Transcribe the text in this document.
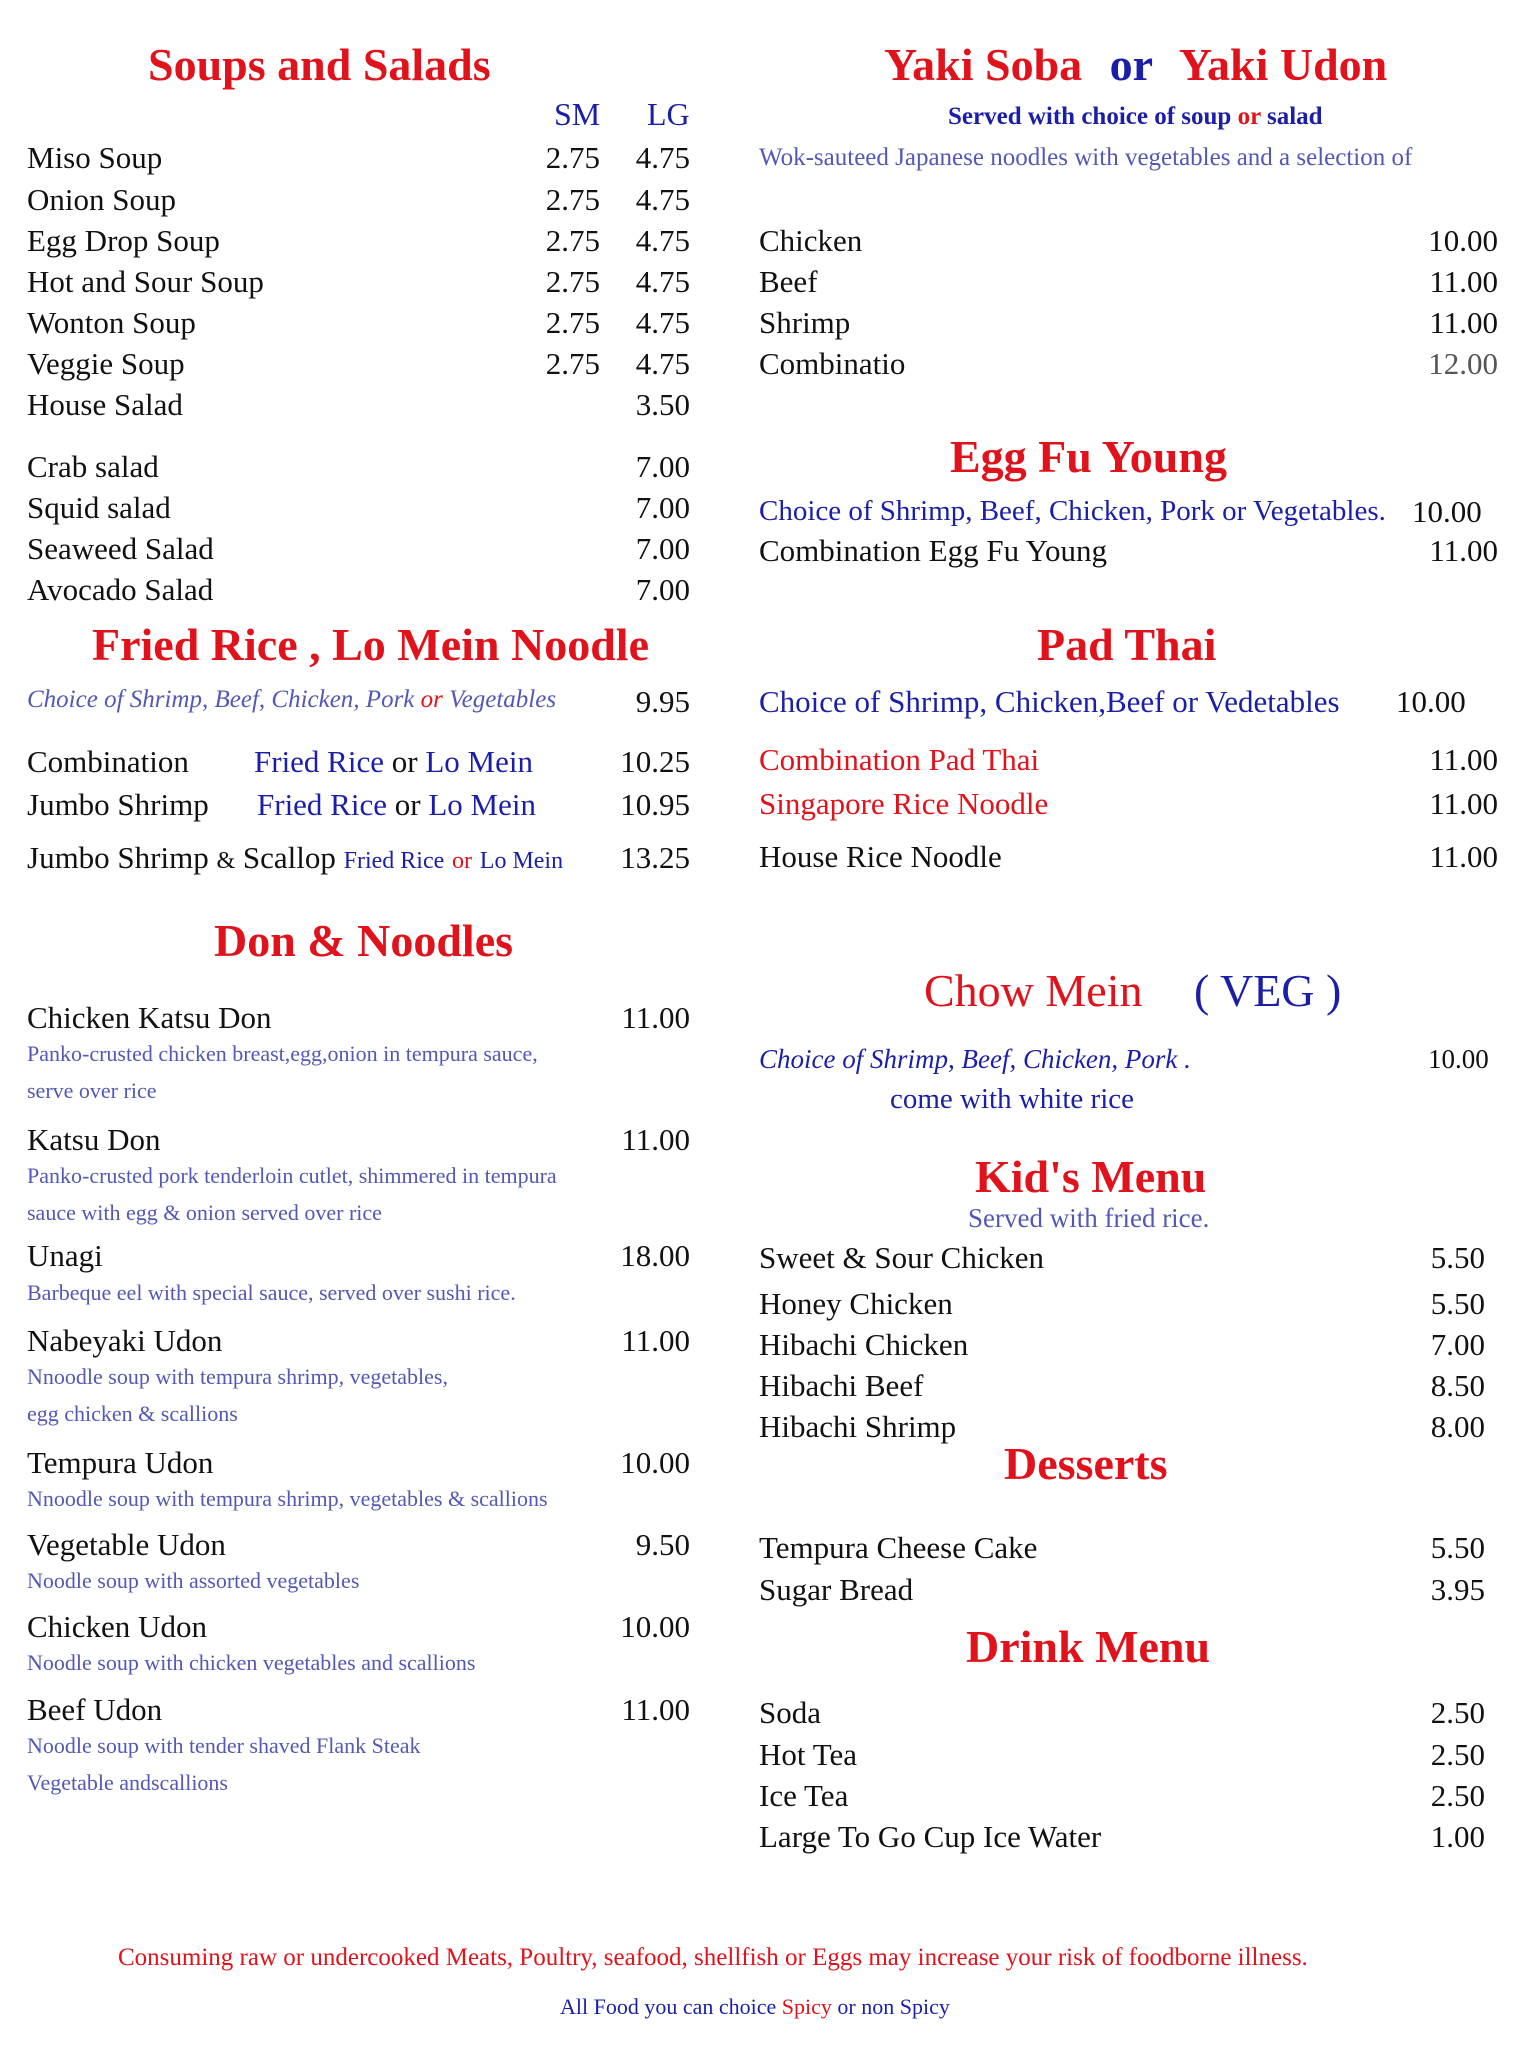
Soups and Salads
SM LG
Miso Soup	2.75	4.75
Onion Soup	2.75	4.75
Egg Drop Soup	2.75	4.75
Hot and Sour Soup	2.75	4.75
Wonton Soup	2.75	4.75
Veggie Soup	2.75	4.75
House Salad	3.50
Crab salad	7.00
Squid salad	7.00
Seaweed Salad	7.00
Avocado Salad	7.00
Fried Rice , Lo Mein Noodle
Choice of Shrimp, Beef, Chicken, Pork or Vegetables	9.95
Combination Fried Rice or Lo Mein	10.25
Jumbo Shrimp Fried Rice or Lo Mein	10.95
Jumbo Shrimp & Scallop Fried Rice or Lo Mein	13.25
Don & Noodles
Chicken Katsu Don	11.00
Panko-crusted chicken breast,egg,onion in tempura sauce,
serve over rice
Katsu Don	11.00
Panko-crusted pork tenderloin cutlet, shimmered in tempura
sauce with egg & onion served over rice
Unagi	18.00
Barbeque eel with special sauce, served over sushi rice.
Nabeyaki Udon	11.00
Nnoodle soup with tempura shrimp, vegetables,
egg chicken & scallions
Tempura Udon	10.00
Nnoodle soup with tempura shrimp, vegetables & scallions
Vegetable Udon	9.50
Noodle soup with assorted vegetables
Chicken Udon	10.00
Noodle soup with chicken vegetables and scallions
Beef Udon	11.00
Noodle soup with tender shaved Flank Steak
Vegetable andscallions
Yaki Soba or Yaki Udon
Served with choice of soup or salad
Wok-sauteed Japanese noodles with vegetables and a selection of
Chicken	10.00
Beef	11.00
Shrimp	11.00
Combinatio	12.00
Egg Fu Young
Choice of Shrimp, Beef, Chicken, Pork or Vegetables. 10.00
Combination Egg Fu Young	11.00
Pad Thai
Choice of Shrimp, Chicken,Beef or Vedetables 10.00
Combination Pad Thai	11.00
Singapore Rice Noodle	11.00
House Rice Noodle	11.00
Chow Mein ( VEG )
Choice of Shrimp, Beef, Chicken, Pork .	10.00
come with white rice
Kid's Menu
Served with fried rice.
Sweet & Sour Chicken	5.50
Honey Chicken	5.50
Hibachi Chicken	7.00
Hibachi Beef	8.50
Hibachi Shrimp	8.00
Desserts
Tempura Cheese Cake	5.50
Sugar Bread	3.95
Drink Menu
Soda	2.50
Hot Tea	2.50
Ice Tea	2.50
Large To Go Cup Ice Water	1.00
Consuming raw or undercooked Meats, Poultry, seafood, shellfish or Eggs may increase your risk of foodborne illness.
All Food you can choice Spicy or non Spicy
